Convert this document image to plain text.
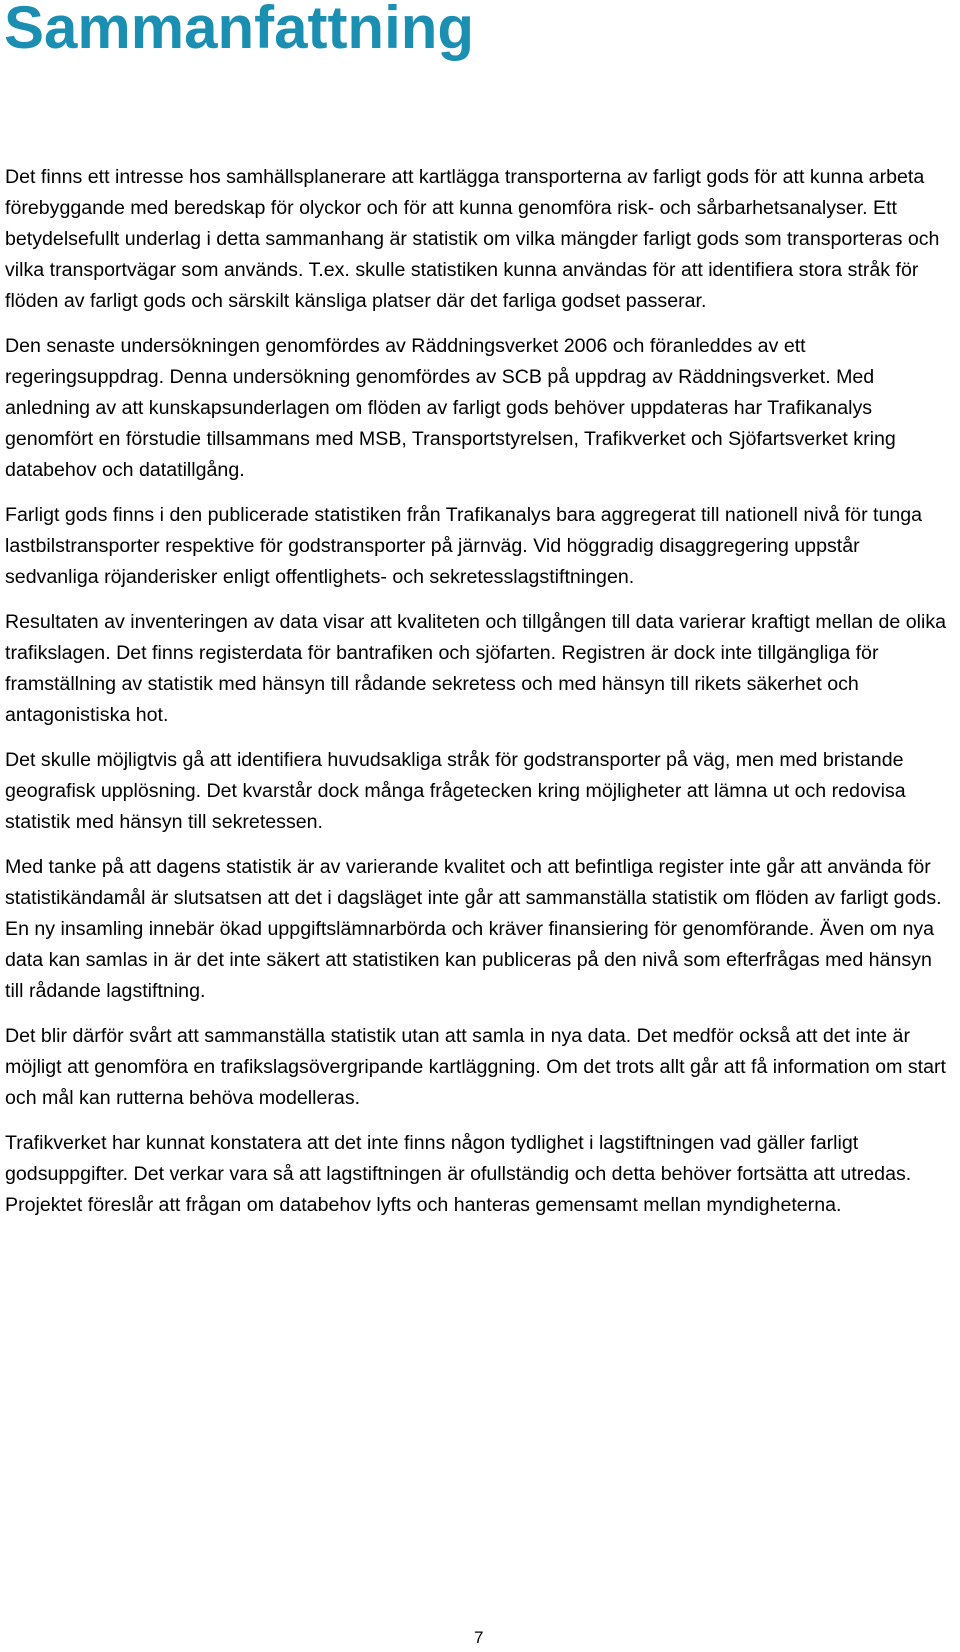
Sammanfattning

Det finns ett intresse hos samhällsplanerare att kartlägga transporterna av farligt gods för att kunna arbeta förebyggande med beredskap för olyckor och för att kunna genomföra risk- och sårbarhetsanalyser. Ett betydelsefullt underlag i detta sammanhang är statistik om vilka mängder farligt gods som transporteras och vilka transportvägar som används. T.ex. skulle statistiken kunna användas för att identifiera stora stråk för flöden av farligt gods och särskilt känsliga platser där det farliga godset passerar.

Den senaste undersökningen genomfördes av Räddningsverket 2006 och föranleddes av ett regeringsuppdrag. Denna undersökning genomfördes av SCB på uppdrag av Räddningsverket. Med anledning av att kunskapsunderlagen om flöden av farligt gods behöver uppdateras har Trafikanalys genomfört en förstudie tillsammans med MSB, Transportstyrelsen, Trafikverket och Sjöfartsverket kring databehov och datatillgång.

Farligt gods finns i den publicerade statistiken från Trafikanalys bara aggregerat till nationell nivå för tunga lastbilstransporter respektive för godstransporter på järnväg. Vid höggradig disaggregering uppstår sedvanliga röjanderisker enligt offentlighets- och sekretesslagstiftningen.

Resultaten av inventeringen av data visar att kvaliteten och tillgången till data varierar kraftigt mellan de olika trafikslagen. Det finns registerdata för bantrafiken och sjöfarten. Registren är dock inte tillgängliga för framställning av statistik med hänsyn till rådande sekretess och med hänsyn till rikets säkerhet och antagonistiska hot.

Det skulle möjligtvis gå att identifiera huvudsakliga stråk för godstransporter på väg, men med bristande geografisk upplösning. Det kvarstår dock många frågetecken kring möjligheter att lämna ut och redovisa statistik med hänsyn till sekretessen.

Med tanke på att dagens statistik är av varierande kvalitet och att befintliga register inte går att använda för statistikändamål är slutsatsen att det i dagsläget inte går att sammanställa statistik om flöden av farligt gods. En ny insamling innebär ökad uppgiftslämnarbörda och kräver finansiering för genomförande. Även om nya data kan samlas in är det inte säkert att statistiken kan publiceras på den nivå som efterfrågas med hänsyn till rådande lagstiftning.

Det blir därför svårt att sammanställa statistik utan att samla in nya data. Det medför också att det inte är möjligt att genomföra en trafikslagsövergripande kartläggning. Om det trots allt går att få information om start och mål kan rutterna behöva modelleras.

Trafikverket har kunnat konstatera att det inte finns någon tydlighet i lagstiftningen vad gäller farligt godsuppgifter. Det verkar vara så att lagstiftningen är ofullständig och detta behöver fortsätta att utredas. Projektet föreslår att frågan om databehov lyfts och hanteras gemensamt mellan myndigheterna.

7
